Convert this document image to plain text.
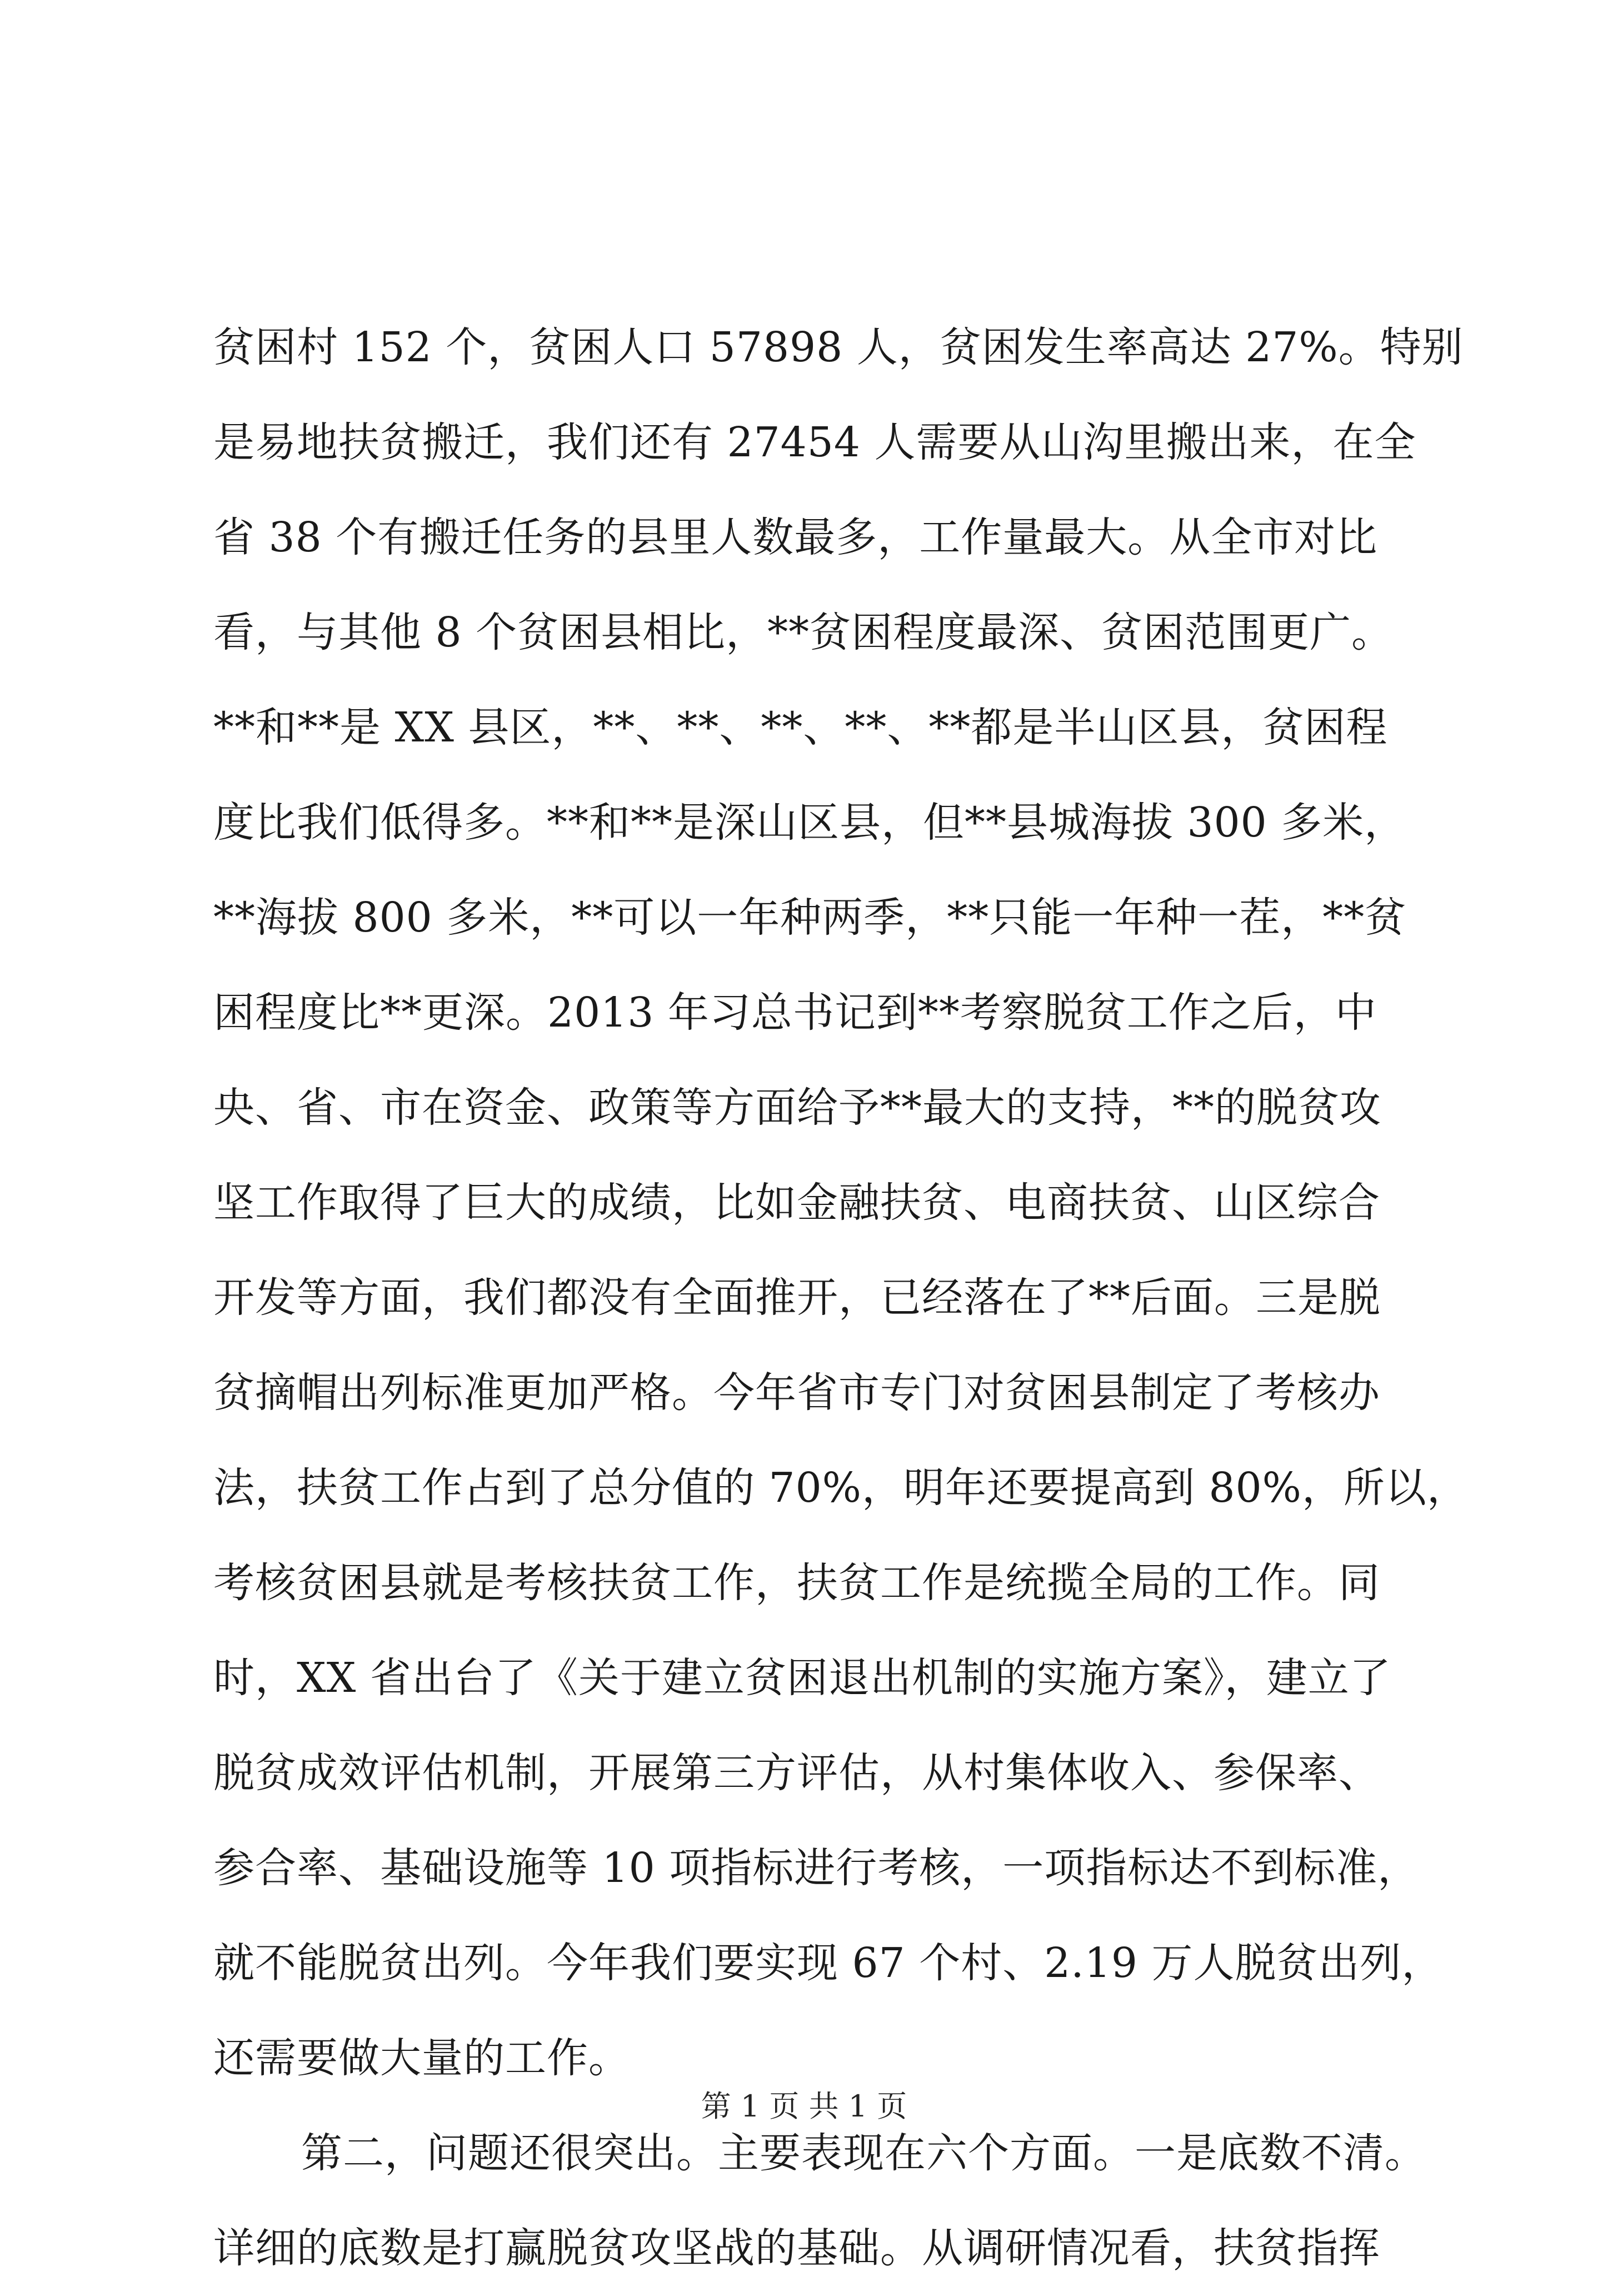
贫困村 152 个，贫困人口 57898 人，贫困发生率高达 27%。特别
是易地扶贫搬迁，我们还有 27454 人需要从山沟里搬出来，在全
省 38 个有搬迁任务的县里人数最多，工作量最大。从全市对比
看，与其他 8 个贫困县相比，**贫困程度最深、贫困范围更广。
**和**是 XX 县区，**、**、**、**、**都是半山区县，贫困程
度比我们低得多。**和**是深山区县，但**县城海拔 300 多米，
**海拔 800 多米，**可以一年种两季，**只能一年种一茬，**贫
困程度比**更深。2013 年习总书记到**考察脱贫工作之后，中
央、省、市在资金、政策等方面给予**最大的支持，**的脱贫攻
坚工作取得了巨大的成绩，比如金融扶贫、电商扶贫、山区综合
开发等方面，我们都没有全面推开，已经落在了**后面。三是脱
贫摘帽出列标准更加严格。今年省市专门对贫困县制定了考核办
法，扶贫工作占到了总分值的 70%，明年还要提高到 80%，所以，
考核贫困县就是考核扶贫工作，扶贫工作是统揽全局的工作。同
时，XX 省出台了《关于建立贫困退出机制的实施方案》，建立了
脱贫成效评估机制，开展第三方评估，从村集体收入、参保率、
参合率、基础设施等 10 项指标进行考核，一项指标达不到标准，
就不能脱贫出列。今年我们要实现 67 个村、2.19 万人脱贫出列，
还需要做大量的工作。
第二，问题还很突出。主要表现在六个方面。一是底数不清。
详细的底数是打赢脱贫攻坚战的基础。从调研情况看，扶贫指挥
第 1 页 共 1 页
